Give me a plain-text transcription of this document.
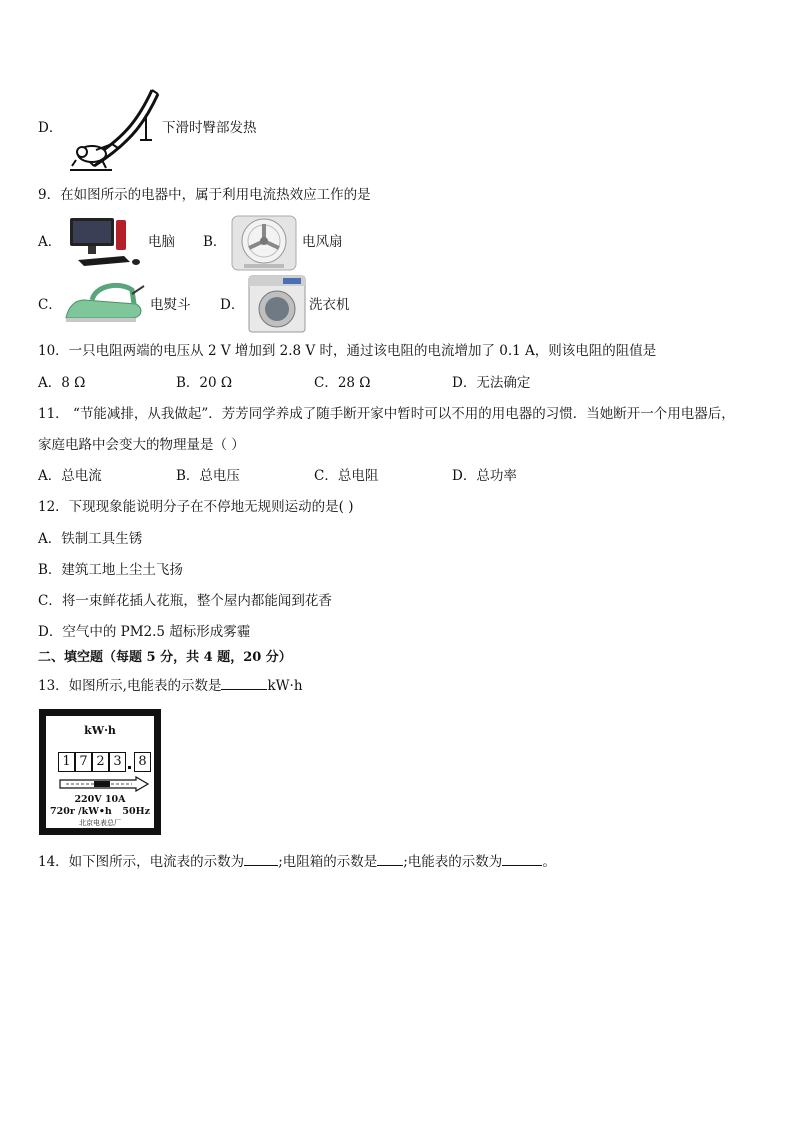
D．	下滑时臀部发热
9．在如图所示的电器中，属于利用电流热效应工作的是
A．	电脑 B．	电风扇
C．	电熨斗 D．	洗衣机
10．一只电阻两端的电压从 2 V 增加到 2.8 V 时，通过该电阻的电流增加了 0.1 A，则该电阻的阻值是
A．8 Ω	B．20 Ω	C．28 Ω	D．无法确定
11． “节能减排，从我做起”．芳芳同学养成了随手断开家中暂时可以不用的用电器的习惯．当她断开一个用电器后，
家庭电路中会变大的物理量是（ ）
A．总电流	B．总电压	C．总电阻	D．总功率
12．下现现象能说明分子在不停地无规则运动的是( )
A．铁制工具生锈
B．建筑工地上尘土飞扬
C．将一束鲜花插人花瓶，整个屋内都能闻到花香
D．空气中的 PM2.5 超标形成雾霾
二、填空题（每题 5 分，共 4 题，20 分）
13．如图所示,电能表的示数是	kW·h
kW·h
1 7 2 3	8
220V 10A
720r /kW•h 50Hz
北京电表总厂
14．如下图所示，电流表的示数为	;电阻箱的示数是 ;电能表的示数为	。
